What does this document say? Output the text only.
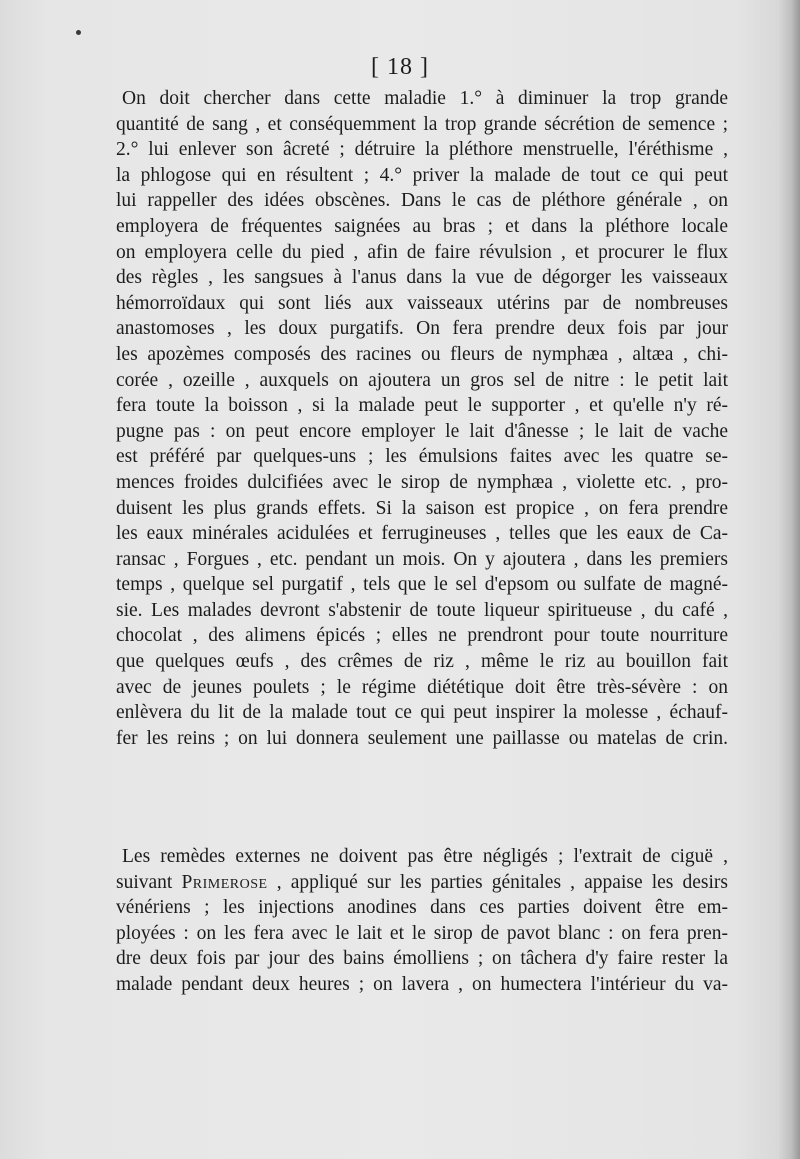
[ 18 ]
On doit chercher dans cette maladie 1.° à diminuer la trop grande
quantité de sang , et conséquemment la trop grande sécrétion de semence ;
2.° lui enlever son âcreté ; détruire la pléthore menstruelle, l'éréthisme ,
la phlogose qui en résultent ; 4.° priver la malade de tout ce qui peut
lui rappeller des idées obscènes. Dans le cas de pléthore générale , on
employera de fréquentes saignées au bras ; et dans la pléthore locale
on employera celle du pied , afin de faire révulsion , et procurer le flux
des règles , les sangsues à l'anus dans la vue de dégorger les vaisseaux
hémorroïdaux qui sont liés aux vaisseaux utérins par de nombreuses
anastomoses , les doux purgatifs. On fera prendre deux fois par jour
les apozèmes composés des racines ou fleurs de nymphæa , altæa , chi-
corée , ozeille , auxquels on ajoutera un gros sel de nitre : le petit lait
fera toute la boisson , si la malade peut le supporter , et qu'elle n'y ré-
pugne pas : on peut encore employer le lait d'ânesse ; le lait de vache
est préféré par quelques-uns ; les émulsions faites avec les quatre se-
mences froides dulcifiées avec le sirop de nymphæa , violette etc. , pro-
duisent les plus grands effets. Si la saison est propice , on fera prendre
les eaux minérales acidulées et ferrugineuses , telles que les eaux de Ca-
ransac , Forgues , etc. pendant un mois. On y ajoutera , dans les premiers
temps , quelque sel purgatif , tels que le sel d'epsom ou sulfate de magné-
sie. Les malades devront s'abstenir de toute liqueur spiritueuse , du café ,
chocolat , des alimens épicés ; elles ne prendront pour toute nourriture
que quelques œufs , des crêmes de riz , même le riz au bouillon fait
avec de jeunes poulets ; le régime diététique doit être très-sévère : on
enlèvera du lit de la malade tout ce qui peut inspirer la molesse , échauf-
fer les reins ; on lui donnera seulement une paillasse ou matelas de crin.
Les remèdes externes ne doivent pas être négligés ; l'extrait de ciguë ,
suivant Primerose , appliqué sur les parties génitales , appaise les desirs
vénériens ; les injections anodines dans ces parties doivent être em-
ployées : on les fera avec le lait et le sirop de pavot blanc : on fera pren-
dre deux fois par jour des bains émolliens ; on tâchera d'y faire rester la
malade pendant deux heures ; on lavera , on humectera l'intérieur du va-
